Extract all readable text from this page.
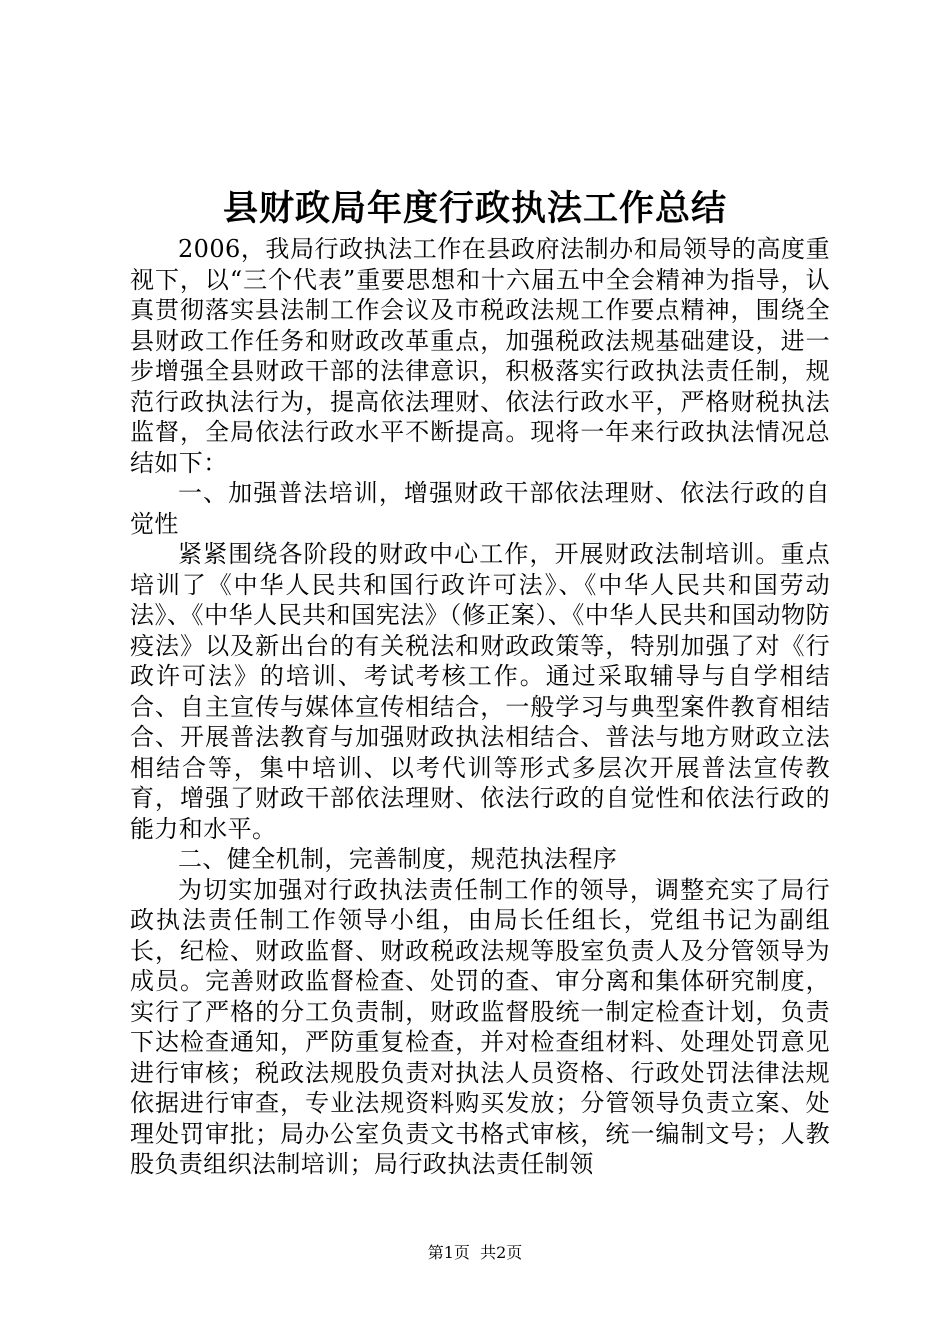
县财政局年度行政执法工作总结

2006，我局行政执法工作在县政府法制办和局领导的高度重视下，以“三个代表”重要思想和十六届五中全会精神为指导，认真贯彻落实县法制工作会议及市税政法规工作要点精神，围绕全县财政工作任务和财政改革重点，加强税政法规基础建设，进一步增强全县财政干部的法律意识，积极落实行政执法责任制，规范行政执法行为，提高依法理财、依法行政水平，严格财税执法监督，全局依法行政水平不断提高。现将一年来行政执法情况总结如下：

一、加强普法培训，增强财政干部依法理财、依法行政的自觉性

紧紧围绕各阶段的财政中心工作，开展财政法制培训。重点培训了《中华人民共和国行政许可法》、《中华人民共和国劳动法》、《中华人民共和国宪法》（修正案）、《中华人民共和国动物防疫法》以及新出台的有关税法和财政政策等，特别加强了对《行政许可法》的培训、考试考核工作。通过采取辅导与自学相结合、自主宣传与媒体宣传相结合，一般学习与典型案件教育相结合、开展普法教育与加强财政执法相结合、普法与地方财政立法相结合等，集中培训、以考代训等形式多层次开展普法宣传教育，增强了财政干部依法理财、依法行政的自觉性和依法行政的能力和水平。

二、健全机制，完善制度，规范执法程序

为切实加强对行政执法责任制工作的领导，调整充实了局行政执法责任制工作领导小组，由局长任组长，党组书记为副组长，纪检、财政监督、财政税政法规等股室负责人及分管领导为成员。完善财政监督检查、处罚的查、审分离和集体研究制度，实行了严格的分工负责制，财政监督股统一制定检查计划，负责下达检查通知，严防重复检查，并对检查组材料、处理处罚意见进行审核；税政法规股负责对执法人员资格、行政处罚法律法规依据进行审查，专业法规资料购买发放；分管领导负责立案、处理处罚审批；局办公室负责文书格式审核，统一编制文号；人教股负责组织法制培训；局行政执法责任制领

第1页  共2页
